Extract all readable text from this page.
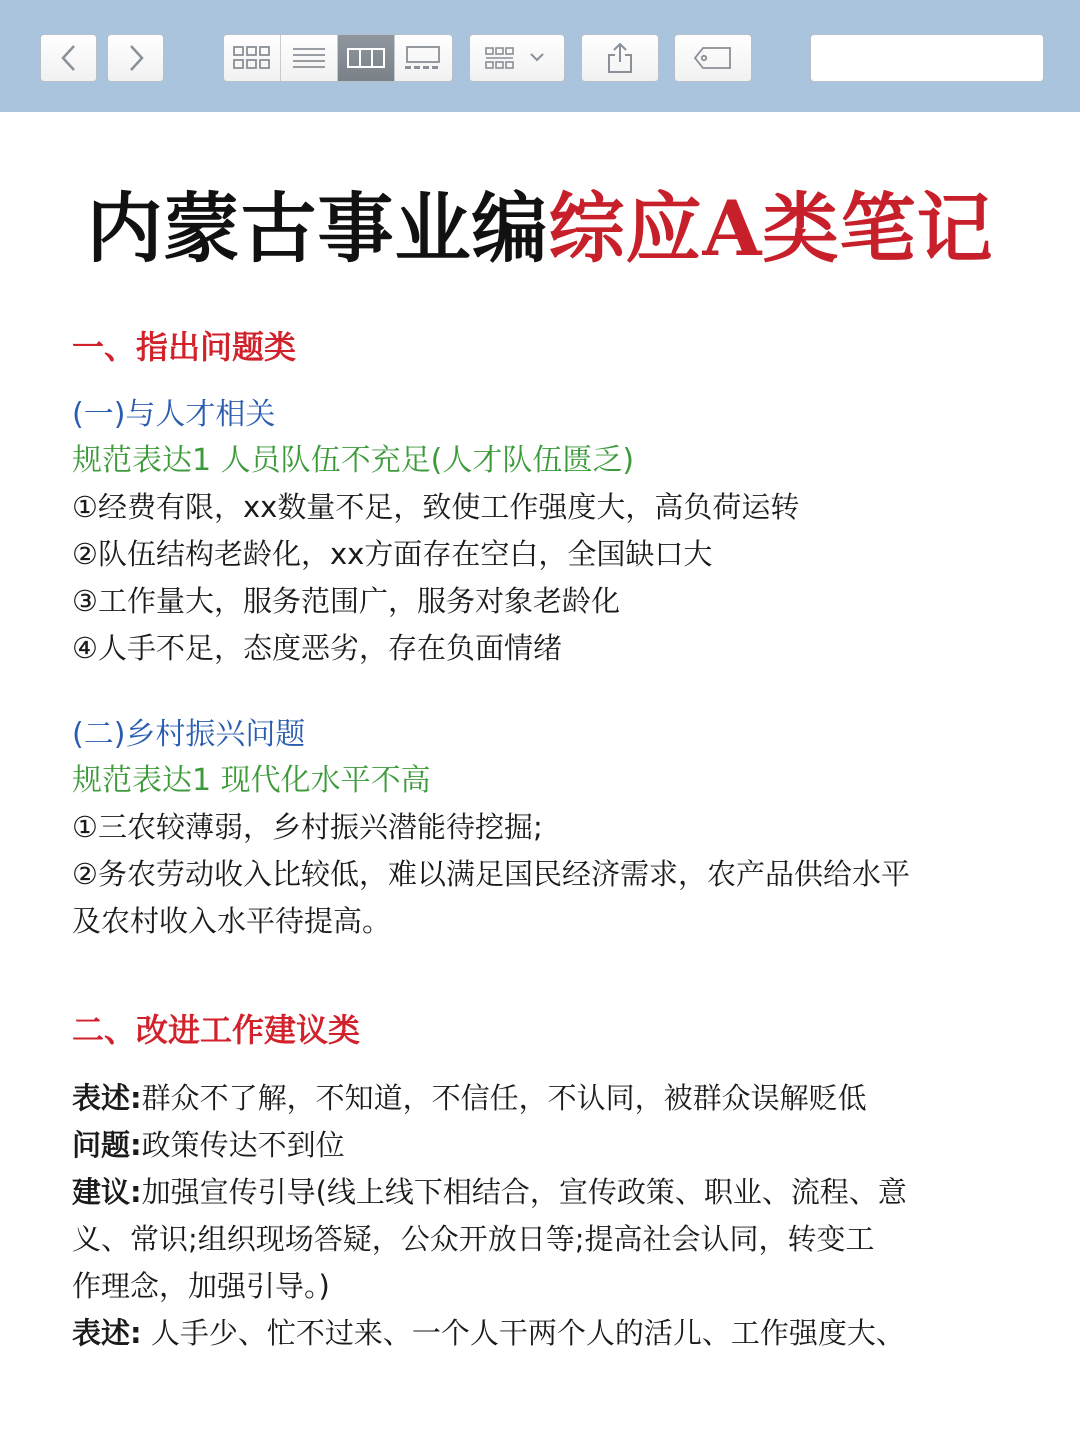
内蒙古事业编综应A类笔记
一、指出问题类
(一)与人才相关
规范表达1 人员队伍不充足(人才队伍匮乏)
①经费有限，xx数量不足，致使工作强度大，高负荷运转
②队伍结构老龄化，xx方面存在空白，全国缺口大
③工作量大，服务范围广，服务对象老龄化
④人手不足，态度恶劣，存在负面情绪
(二)乡村振兴问题
规范表达1 现代化水平不高
①三农较薄弱，乡村振兴潜能待挖掘;
②务农劳动收入比较低，难以满足国民经济需求，农产品供给水平
及农村收入水平待提高。
二、改进工作建议类
表述:群众不了解，不知道，不信任，不认同，被群众误解贬低
问题:政策传达不到位
建议:加强宣传引导(线上线下相结合，宣传政策、职业、流程、意
义、常识;组织现场答疑，公众开放日等;提高社会认同，转变工
作理念，加强引导。)
表述: 人手少、忙不过来、一个人干两个人的活儿、工作强度大、
